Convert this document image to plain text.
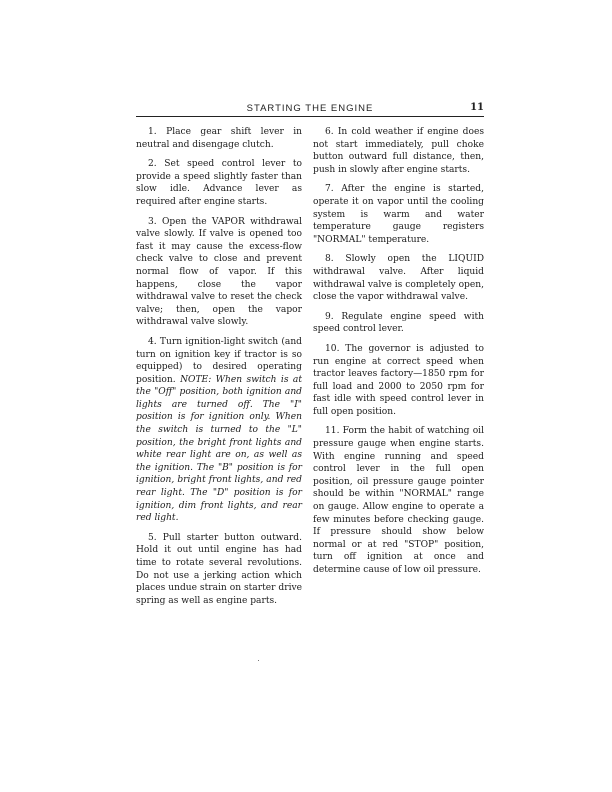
STARTING THE ENGINE	11

1. Place gear shift lever in neutral and disengage clutch.

2. Set speed control lever to provide a speed slightly faster than slow idle. Advance lever as required after engine starts.

3. Open the VAPOR withdrawal valve slowly. If valve is opened too fast it may cause the excess-flow check valve to close and prevent normal flow of vapor. If this happens, close the vapor withdrawal valve to reset the check valve; then, open the vapor withdrawal valve slowly.

4. Turn ignition-light switch (and turn on ignition key if tractor is so equipped) to desired operating position. NOTE: When switch is at the "Off" position, both ignition and lights are turned off. The "I" position is for ignition only. When the switch is turned to the "L" position, the bright front lights and white rear light are on, as well as the ignition. The "B" position is for ignition, bright front lights, and red rear light. The "D" position is for ignition, dim front lights, and rear red light.

5. Pull starter button outward. Hold it out until engine has had time to rotate several revolutions. Do not use a jerking action which places undue strain on starter drive spring as well as engine parts.

6. In cold weather if engine does not start immediately, pull choke button outward full distance, then, push in slowly after engine starts.

7. After the engine is started, operate it on vapor until the cooling system is warm and water temperature gauge registers "NORMAL" temperature.

8. Slowly open the LIQUID withdrawal valve. After liquid withdrawal valve is completely open, close the vapor withdrawal valve.

9. Regulate engine speed with speed control lever.

10. The governor is adjusted to run engine at correct speed when tractor leaves factory—1850 rpm for full load and 2000 to 2050 rpm for fast idle with speed control lever in full open position.

11. Form the habit of watching oil pressure gauge when engine starts. With engine running and speed control lever in the full open position, oil pressure gauge pointer should be within "NORMAL" range on gauge. Allow engine to operate a few minutes before checking gauge. If pressure should show below normal or at red "STOP" position, turn off ignition at once and determine cause of low oil pressure.
